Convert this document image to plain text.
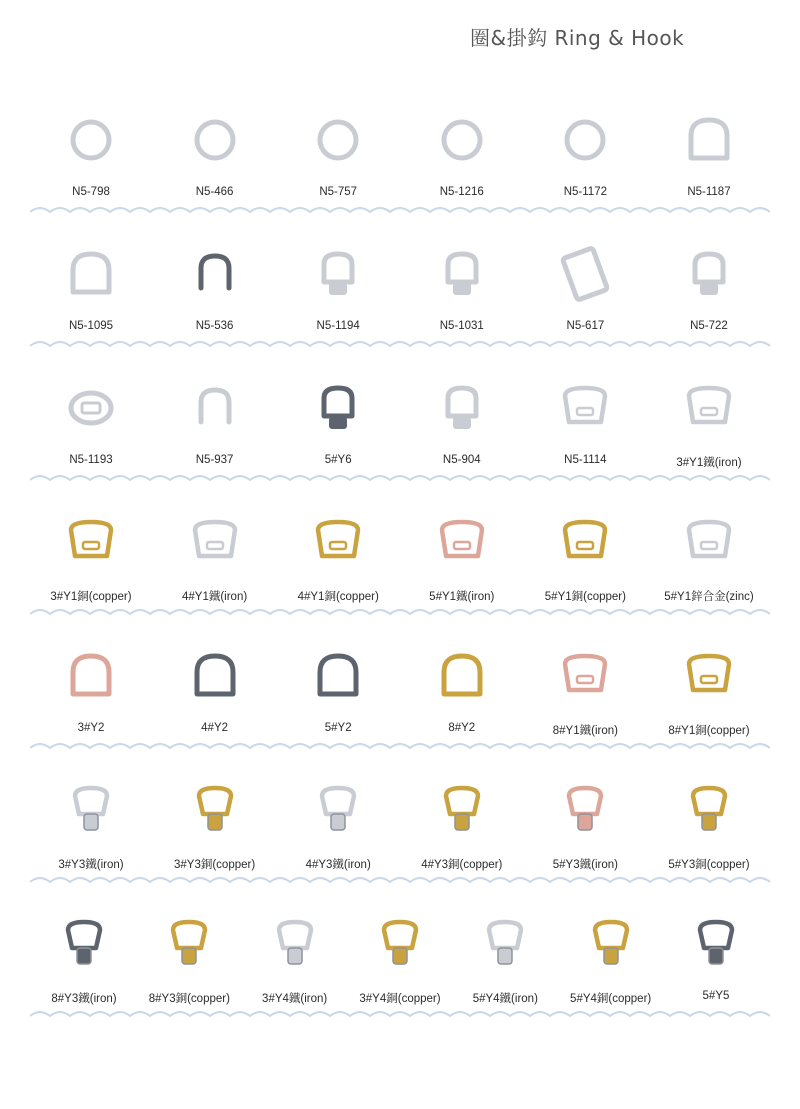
圈&掛鈎 Ring & Hook
N5-798	N5-466	N5-757	N5-1216	N5-1172	N5-1187
N5-1095	N5-536	N5-1194	N5-1031	N5-617	N5-722
N5-1193	N5-937	5#Y6	N5-904	N5-1114	3#Y1鐵(iron)
3#Y1銅(copper)	4#Y1鐵(iron)	4#Y1銅(copper)	5#Y1鐵(iron)	5#Y1銅(copper)	5#Y1鋅合金(zinc)
3#Y2	4#Y2	5#Y2	8#Y2	8#Y1鐵(iron)	8#Y1銅(copper)
3#Y3鐵(iron)	3#Y3銅(copper)	4#Y3鐵(iron)	4#Y3銅(copper)	5#Y3鐵(iron)	5#Y3銅(copper)
8#Y3鐵(iron)	8#Y3銅(copper)	3#Y4鐵(iron)	3#Y4銅(copper)	5#Y4鐵(iron)	5#Y4銅(copper)	5#Y5
